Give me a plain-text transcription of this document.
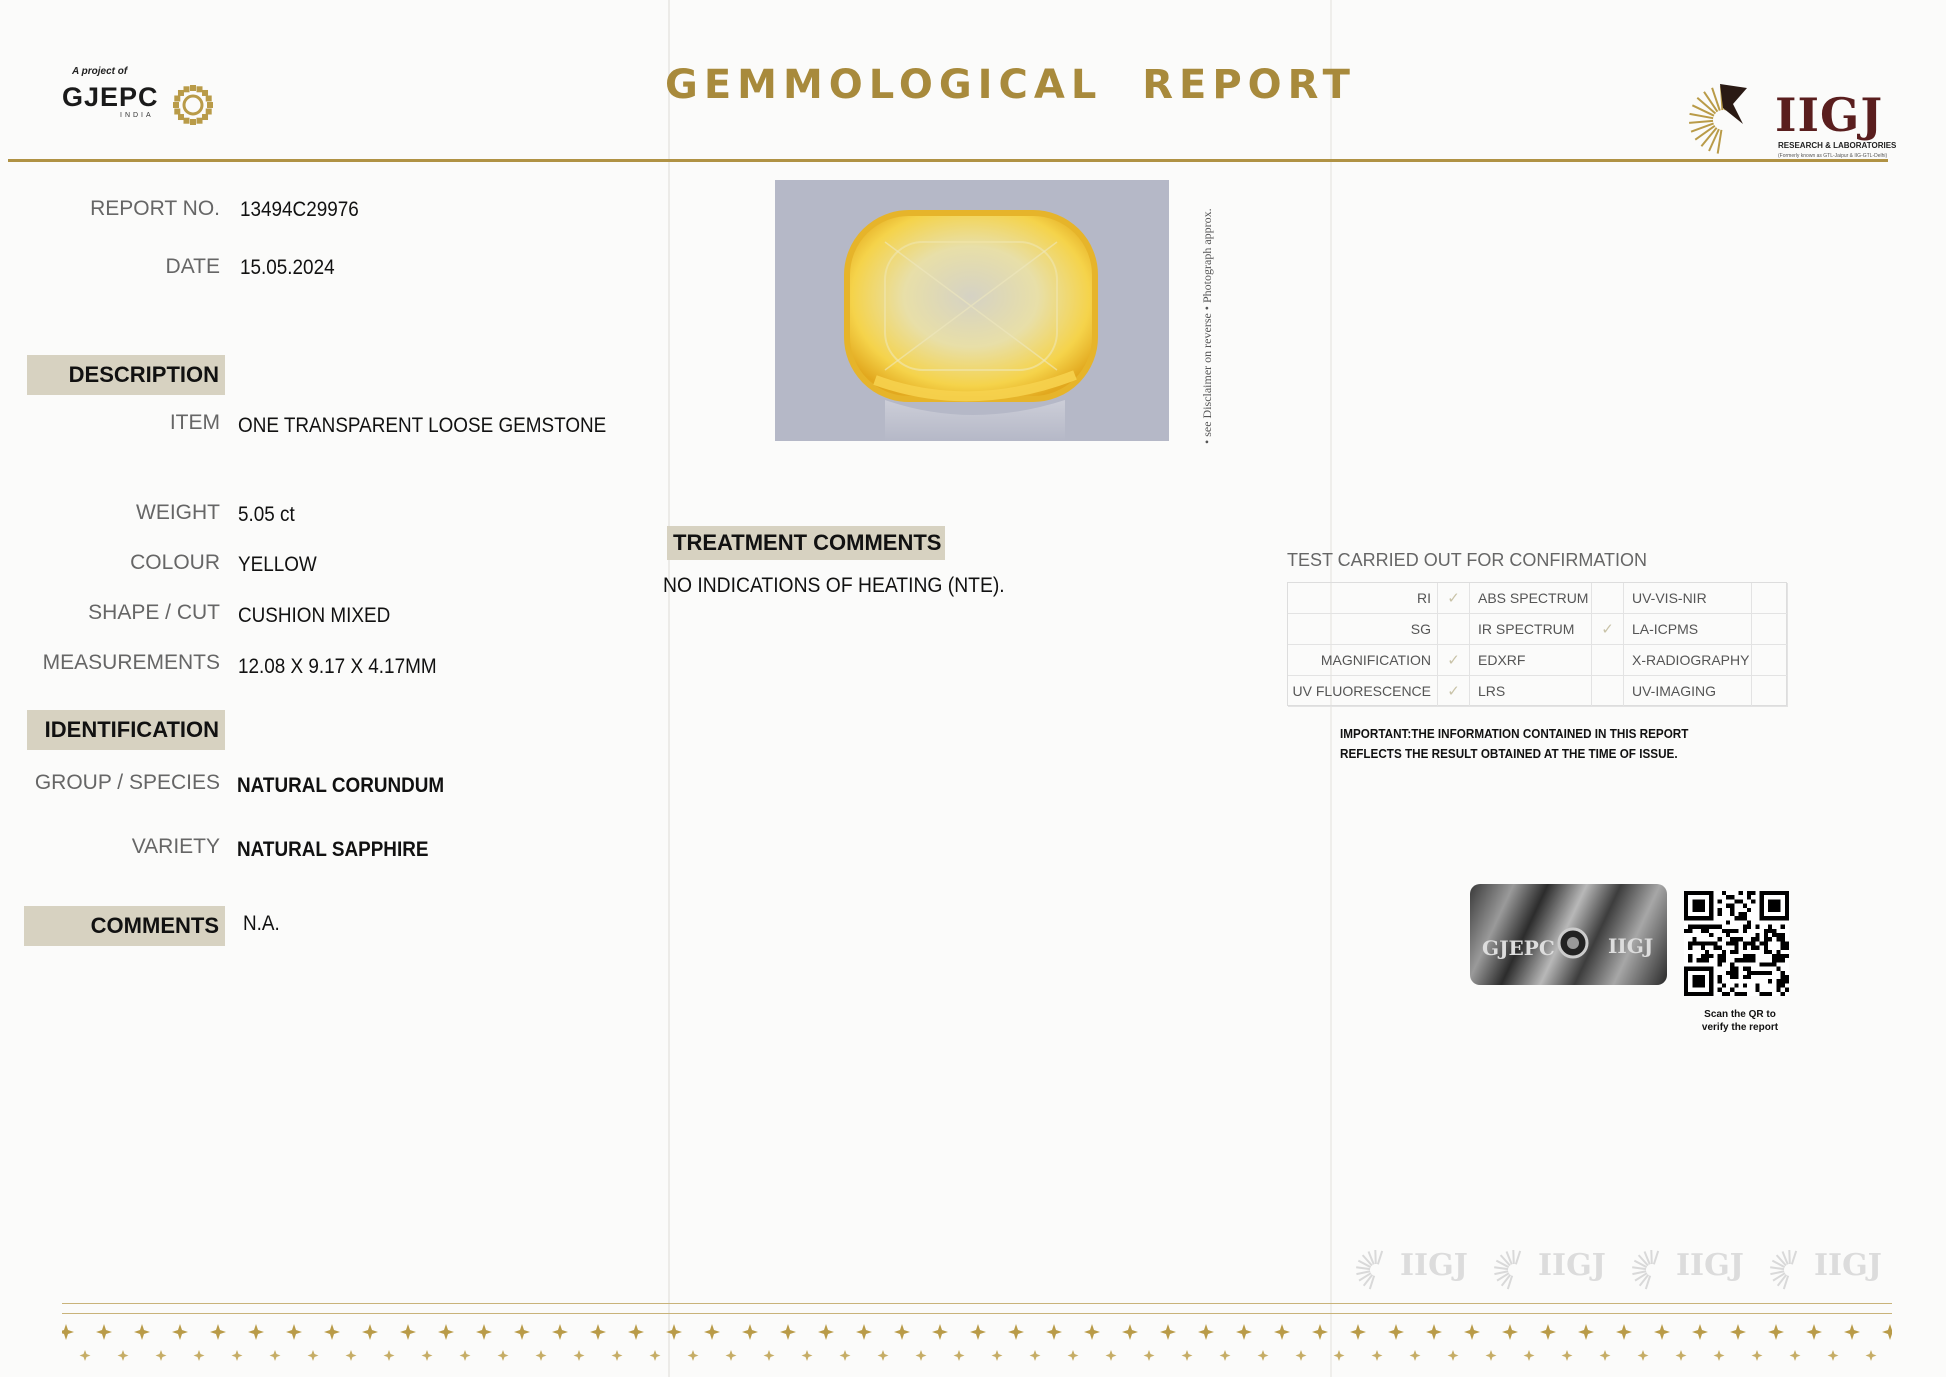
A project of
GJEPC
INDIA
GEMMOLOGICAL  REPORT
IIGJ
RESEARCH & LABORATORIES
(Formerly known as GTL-Jaipur & IIG-GTL-Delhi)
REPORT NO. 13494C29976
DATE 15.05.2024
DESCRIPTION
ITEM ONE TRANSPARENT LOOSE GEMSTONE
WEIGHT 5.05 ct
COLOUR YELLOW
SHAPE / CUT CUSHION MIXED
MEASUREMENTS 12.08 X 9.17 X 4.17MM
IDENTIFICATION
GROUP / SPECIES NATURAL CORUNDUM
VARIETY NATURAL SAPPHIRE
COMMENTS N.A.
• see Disclaimer on reverse • Photograph approx.
TREATMENT COMMENTS
NO INDICATIONS OF HEATING (NTE).
TEST CARRIED OUT FOR CONFIRMATION
RI	✓	ABS SPECTRUM	UV-VIS-NIR
SG	IR SPECTRUM	✓	LA-ICPMS
MAGNIFICATION	✓	EDXRF	X-RADIOGRAPHY
UV FLUORESCENCE	✓	LRS	UV-IMAGING
IMPORTANT:THE INFORMATION CONTAINED IN THIS REPORT REFLECTS THE RESULT OBTAINED AT THE TIME OF ISSUE.
GJEPC	IIGJ
Scan the QR to
verify the report
IIGJ IIGJ IIGJ IIGJ
